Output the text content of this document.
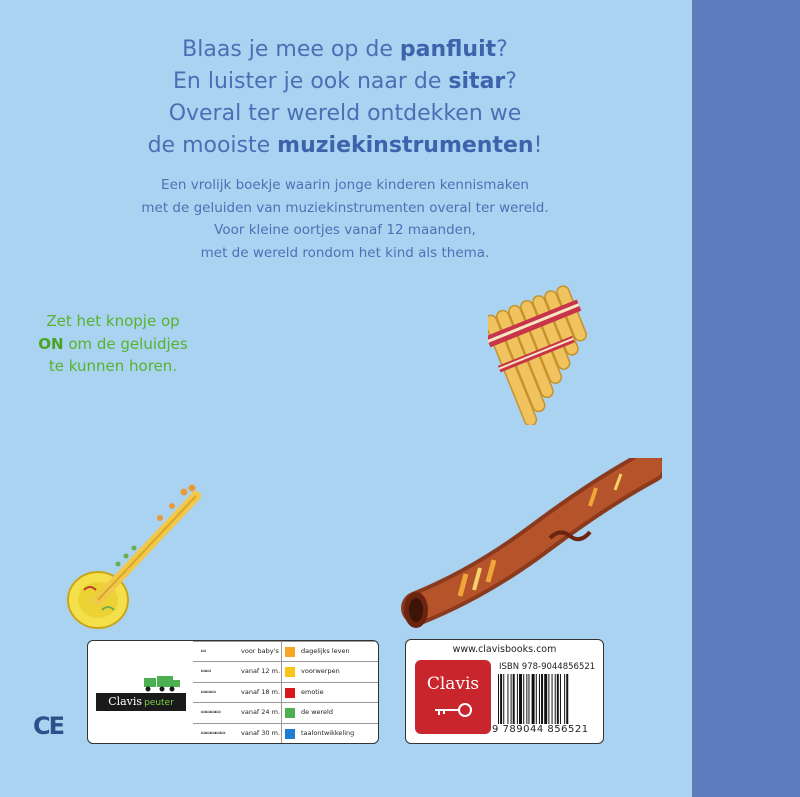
Blaas je mee op de panfluit?
En luister je ook naar de sitar?
Overal ter wereld ontdekken we
de mooiste muziekinstrumenten!
Een vrolijk boekje waarin jonge kinderen kennismaken
met de geluiden van muziekinstrumenten overal ter wereld.
Voor kleine oortjes vanaf 12 maanden,
met de wereld rondom het kind als thema.
Zet het knopje op
ON om de geluidjes
te kunnen horen.
Clavis peuter
▭	voor baby's	dagelijks leven
▭▭	vanaf 12 m.	voorwerpen
▭▭▭	vanaf 18 m.	emotie
▭▭▭▭	vanaf 24 m.	de wereld
▭▭▭▭▭ vanaf 30 m.	taalontwikkeling
www.clavisbooks.com
Clavis
ISBN 978-9044856521
9 789044 856521
CE
